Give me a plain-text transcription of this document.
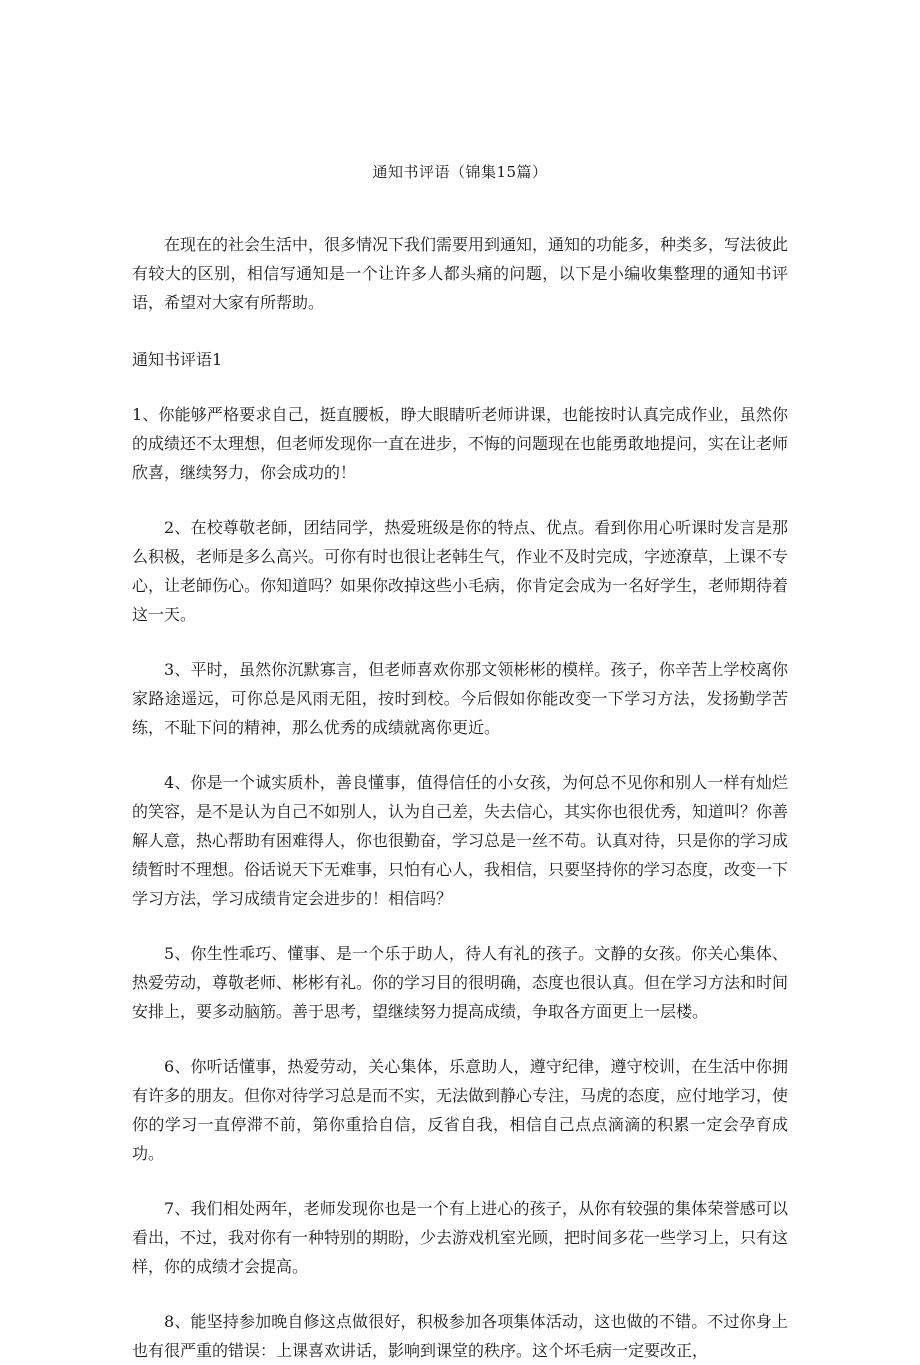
通知书评语（锦集15篇）

在现在的社会生活中，很多情况下我们需要用到通知，通知的功能多，种类多，写法彼此有较大的区别，相信写通知是一个让许多人都头痛的问题，以下是小编收集整理的通知书评语，希望对大家有所帮助。

通知书评语1

1、你能够严格要求自己，挺直腰板，睁大眼睛听老师讲课，也能按时认真完成作业，虽然你的成绩还不太理想，但老师发现你一直在进步，不悔的问题现在也能勇敢地提问，实在让老师欣喜，继续努力，你会成功的！

2、在校尊敬老師，团结同学，热爱班级是你的特点、优点。看到你用心听课时发言是那么积极，老师是多么高兴。可你有时也很让老韩生气，作业不及时完成，字迹潦草，上课不专心，让老師伤心。你知道吗？如果你改掉这些小毛病，你肯定会成为一名好学生，老师期待着这一天。

3、平时，虽然你沉默寡言，但老师喜欢你那文领彬彬的模样。孩子，你辛苦上学校离你家路途遥远，可你总是风雨无阻，按时到校。今后假如你能改变一下学习方法，发扬勤学苦练，不耻下问的精神，那么优秀的成绩就离你更近。

4、你是一个诚实质朴，善良懂事，值得信任的小女孩，为何总不见你和别人一样有灿烂的笑容，是不是认为自己不如别人，认为自己差，失去信心，其实你也很优秀，知道叫？你善解人意，热心帮助有困难得人，你也很勤奋，学习总是一丝不苟。认真对待，只是你的学习成绩暂时不理想。俗话说天下无难事，只怕有心人，我相信，只要坚持你的学习态度，改变一下学习方法，学习成绩肯定会进步的！相信吗？

5、你生性乖巧、懂事、是一个乐于助人，待人有礼的孩子。文静的女孩。你关心集体、热爱劳动，尊敬老师、彬彬有礼。你的学习目的很明确，态度也很认真。但在学习方法和时间安排上，要多动脑筋。善于思考，望继续努力提高成绩，争取各方面更上一层楼。

6、你听话懂事，热爱劳动，关心集体，乐意助人，遵守纪律，遵守校训，在生活中你拥有许多的朋友。但你对待学习总是而不实，无法做到静心专注，马虎的态度，应付地学习，使你的学习一直停滞不前，第你重拾自信，反省自我，相信自己点点滴滴的积累一定会孕育成功。

7、我们相处两年，老师发现你也是一个有上进心的孩子，从你有较强的集体荣誉感可以看出，不过，我对你有一种特别的期盼，少去游戏机室光顾，把时间多花一些学习上，只有这样，你的成绩才会提高。

8、能坚持参加晚自修这点做很好，积极参加各项集体活动，这也做的不错。不过你身上也有很严重的错误：上课喜欢讲话，影响到课堂的秩序。这个坏毛病一定要改正，
